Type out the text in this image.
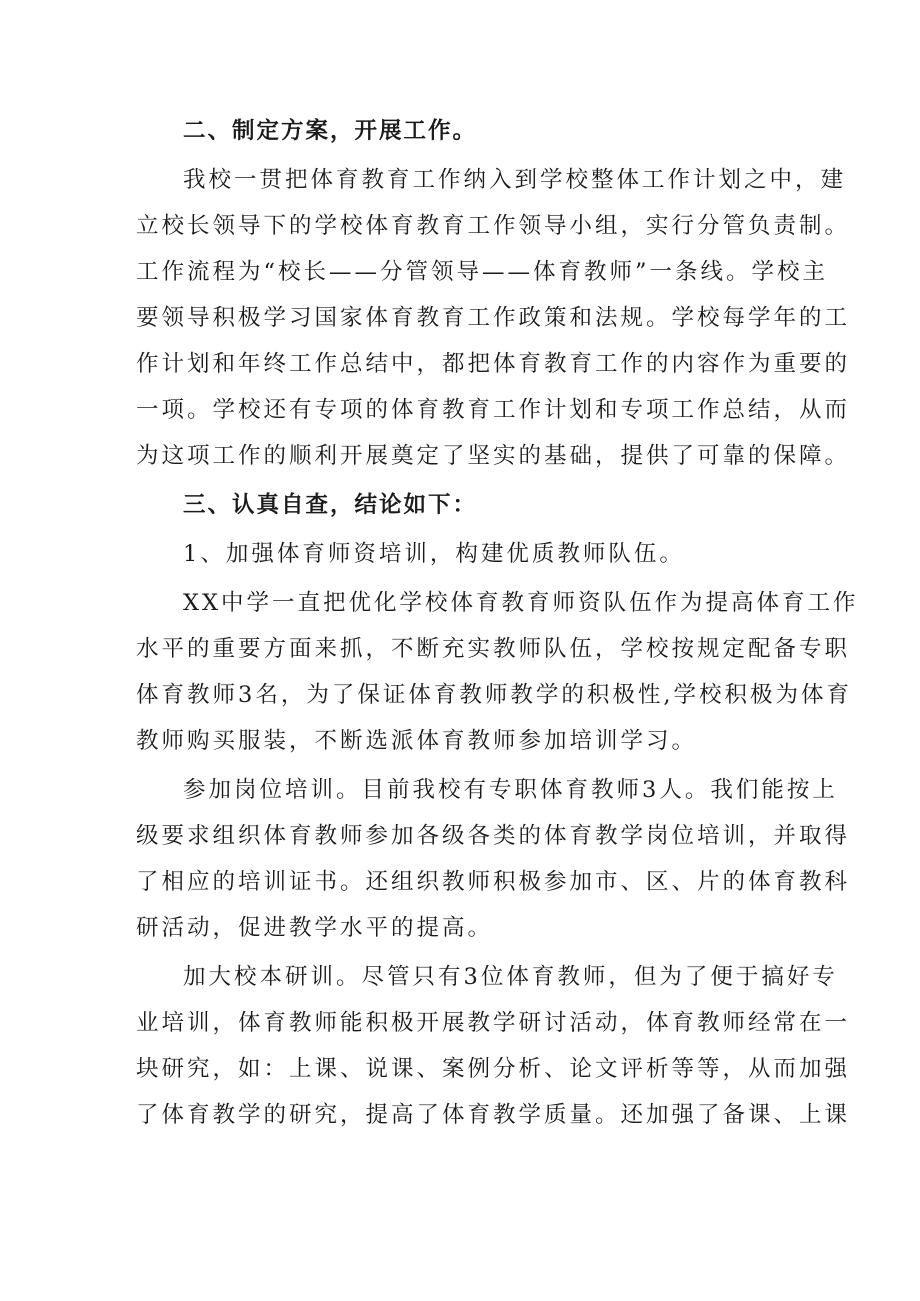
二、制定方案，开展工作。
我校一贯把体育教育工作纳入到学校整体工作计划之中，建
立校长领导下的学校体育教育工作领导小组，实行分管负责制。
工作流程为“校长——分管领导——体育教师”一条线。学校主
要领导积极学习国家体育教育工作政策和法规。学校每学年的工
作计划和年终工作总结中，都把体育教育工作的内容作为重要的
一项。学校还有专项的体育教育工作计划和专项工作总结，从而
为这项工作的顺利开展奠定了坚实的基础，提供了可靠的保障。
三、认真自查，结论如下：
1、加强体育师资培训，构建优质教师队伍。
XX中学一直把优化学校体育教育师资队伍作为提高体育工作
水平的重要方面来抓，不断充实教师队伍，学校按规定配备专职
体育教师3名，为了保证体育教师教学的积极性,学校积极为体育
教师购买服装，不断选派体育教师参加培训学习。
参加岗位培训。目前我校有专职体育教师3人。我们能按上
级要求组织体育教师参加各级各类的体育教学岗位培训，并取得
了相应的培训证书。还组织教师积极参加市、区、片的体育教科
研活动，促进教学水平的提高。
加大校本研训。尽管只有3位体育教师，但为了便于搞好专
业培训，体育教师能积极开展教学研讨活动，体育教师经常在一
块研究，如：上课、说课、案例分析、论文评析等等，从而加强
了体育教学的研究，提高了体育教学质量。还加强了备课、上课
